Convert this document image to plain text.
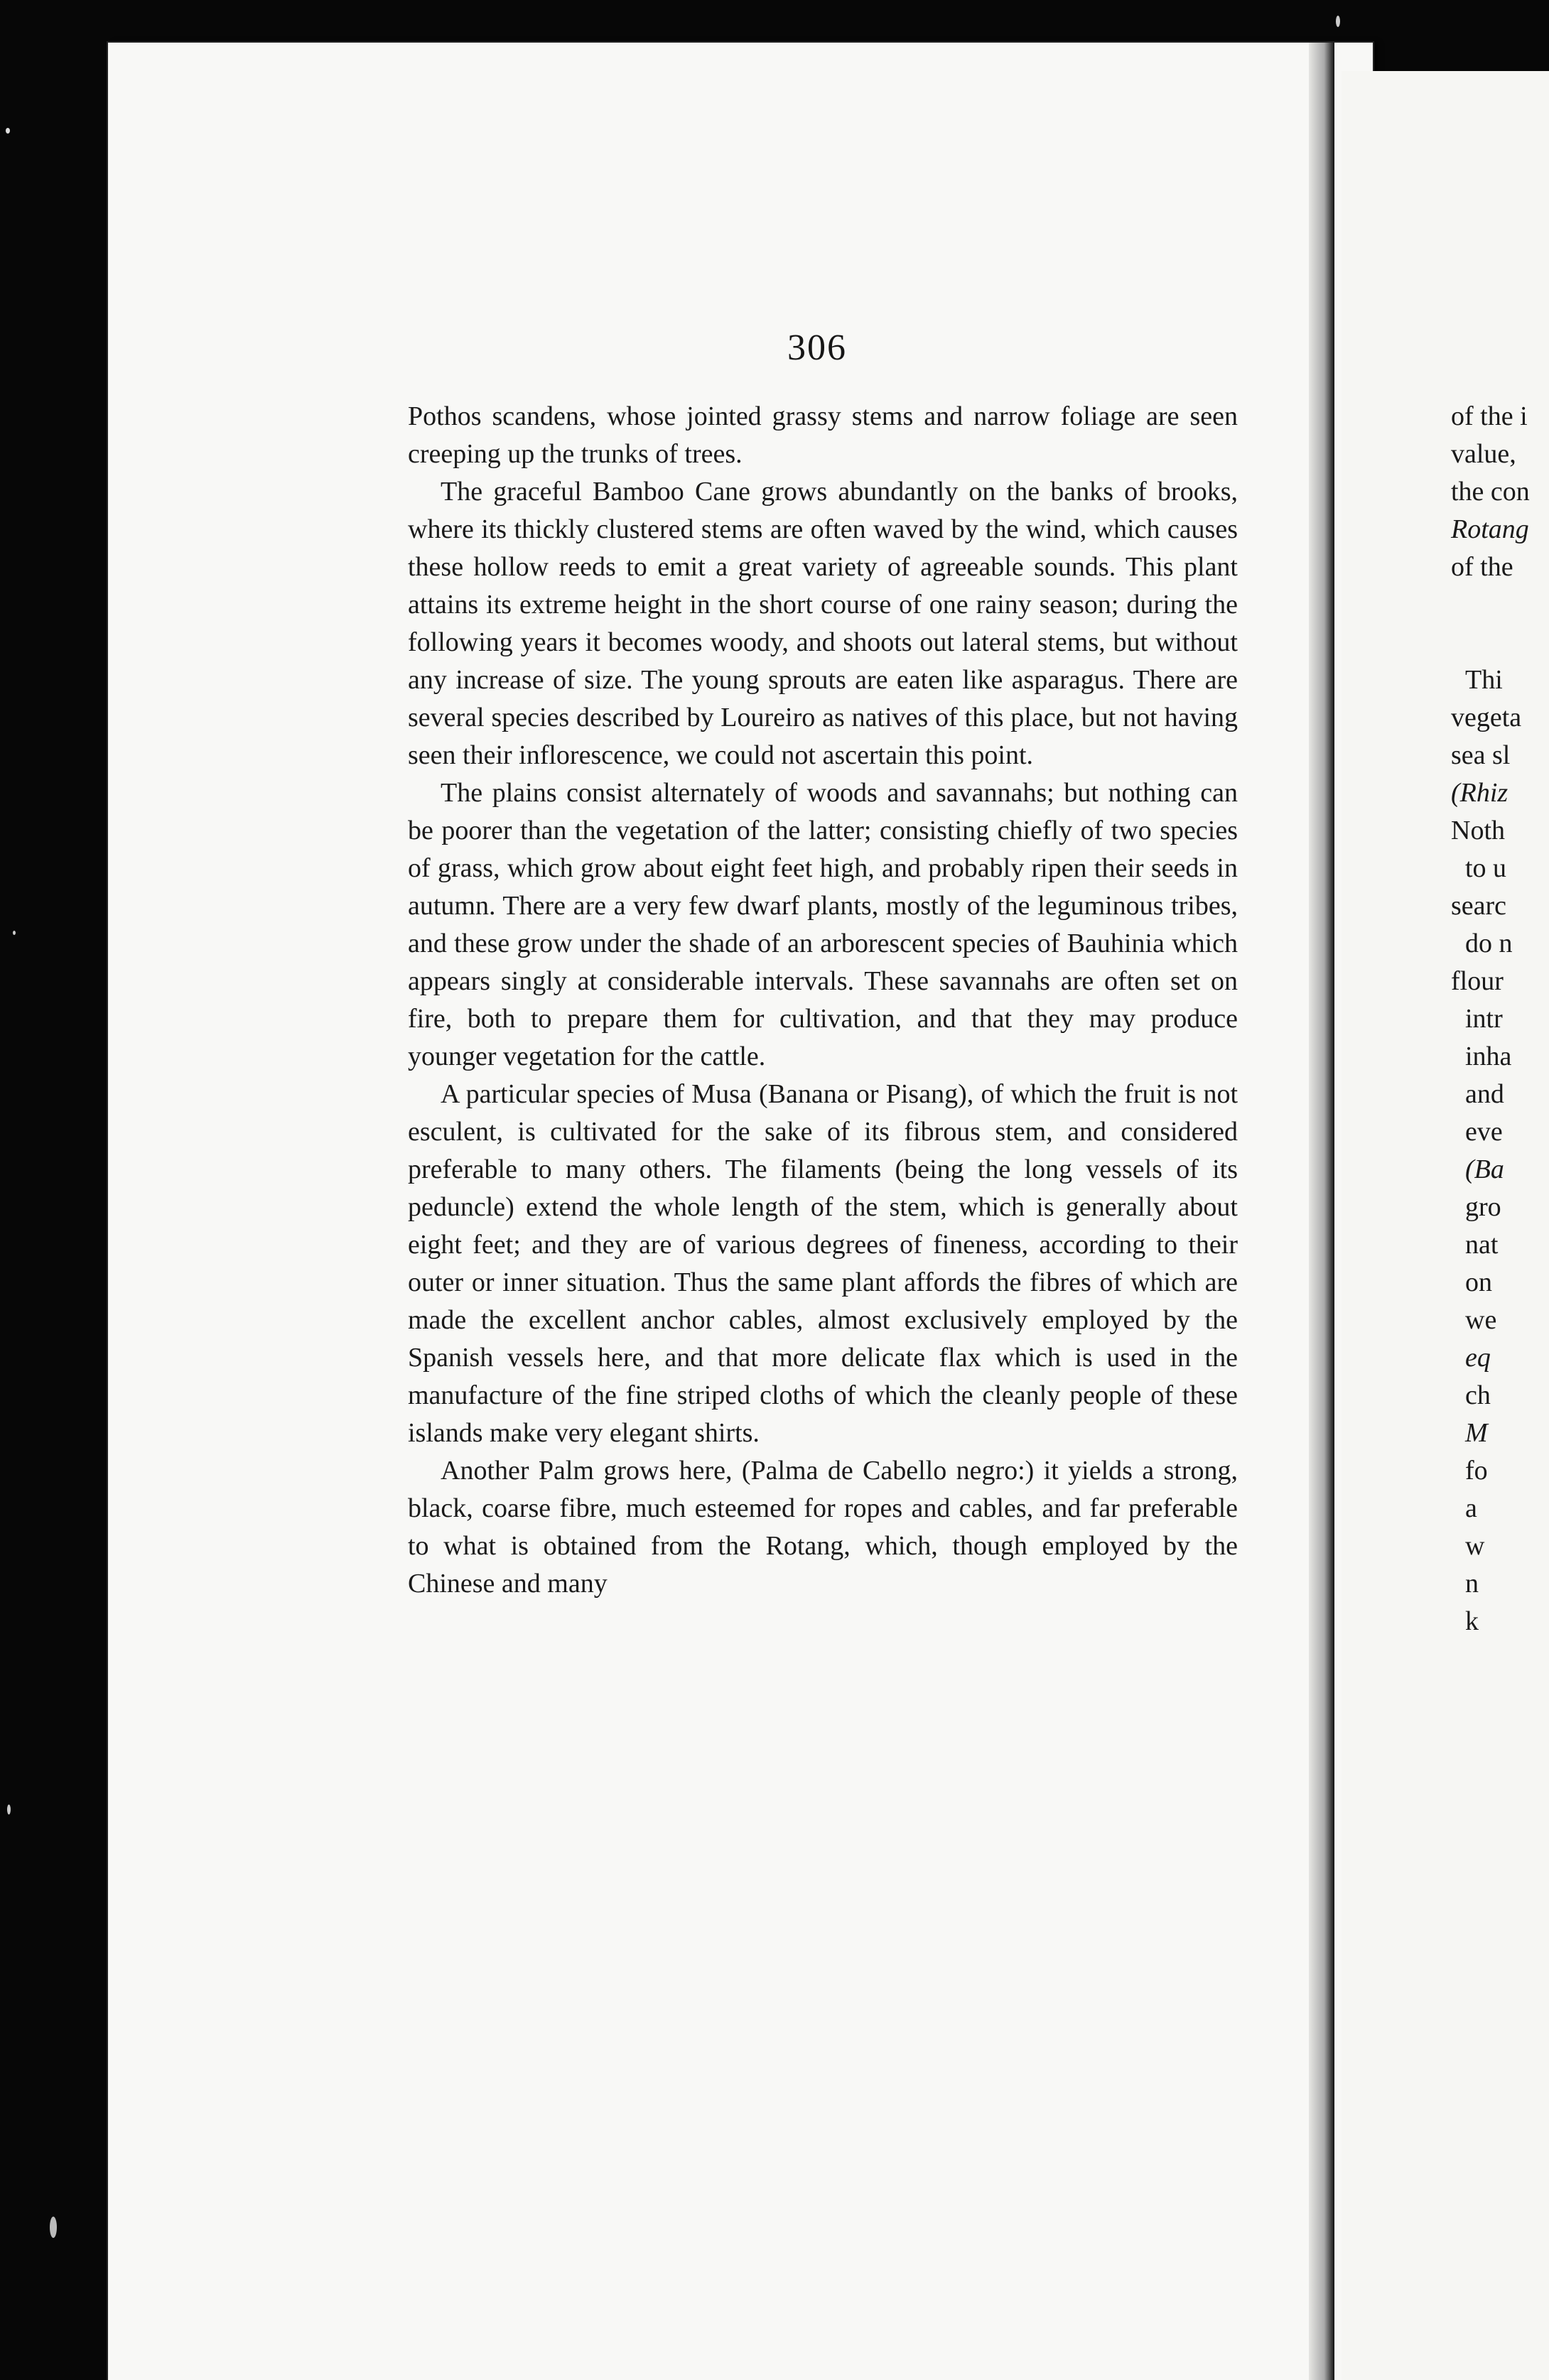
306

Pothos scandens, whose jointed grassy stems and narrow foliage are seen creeping up the trunks of trees.

The graceful Bamboo Cane grows abundantly on the banks of brooks, where its thickly clustered stems are often waved by the wind, which causes these hollow reeds to emit a great variety of agreeable sounds. This plant attains its extreme height in the short course of one rainy season; during the following years it becomes woody, and shoots out lateral stems, but without any increase of size. The young sprouts are eaten like asparagus. There are several species described by Loureiro as natives of this place, but not having seen their inflorescence, we could not ascertain this point.

The plains consist alternately of woods and savannahs; but nothing can be poorer than the vegetation of the latter; consisting chiefly of two species of grass, which grow about eight feet high, and probably ripen their seeds in autumn. There are a very few dwarf plants, mostly of the leguminous tribes, and these grow under the shade of an arborescent species of Bauhinia which appears singly at considerable intervals. These savannahs are often set on fire, both to prepare them for cultivation, and that they may produce younger vegetation for the cattle.

A particular species of Musa (Banana or Pisang), of which the fruit is not esculent, is cultivated for the sake of its fibrous stem, and considered preferable to many others. The filaments (being the long vessels of its peduncle) extend the whole length of the stem, which is generally about eight feet; and they are of various degrees of fineness, according to their outer or inner situation. Thus the same plant affords the fibres of which are made the excellent anchor cables, almost exclusively employed by the Spanish vessels here, and that more delicate flax which is used in the manufacture of the fine striped cloths of which the cleanly people of these islands make very elegant shirts.

Another Palm grows here, (Palma de Cabello negro:) it yields a strong, black, coarse fibre, much esteemed for ropes and cables, and far preferable to what is obtained from the Rotang, which, though employed by the Chinese and many

of the i
value,
the con
Rotang
of the
Thi
vegeta
sea sl
(Rhiz
Noth
to u
searc
do n
flour
intr
inha
and
eve
(Ba
gro
nat
on
we
eq
ch
M
fo
a
w
n
k
